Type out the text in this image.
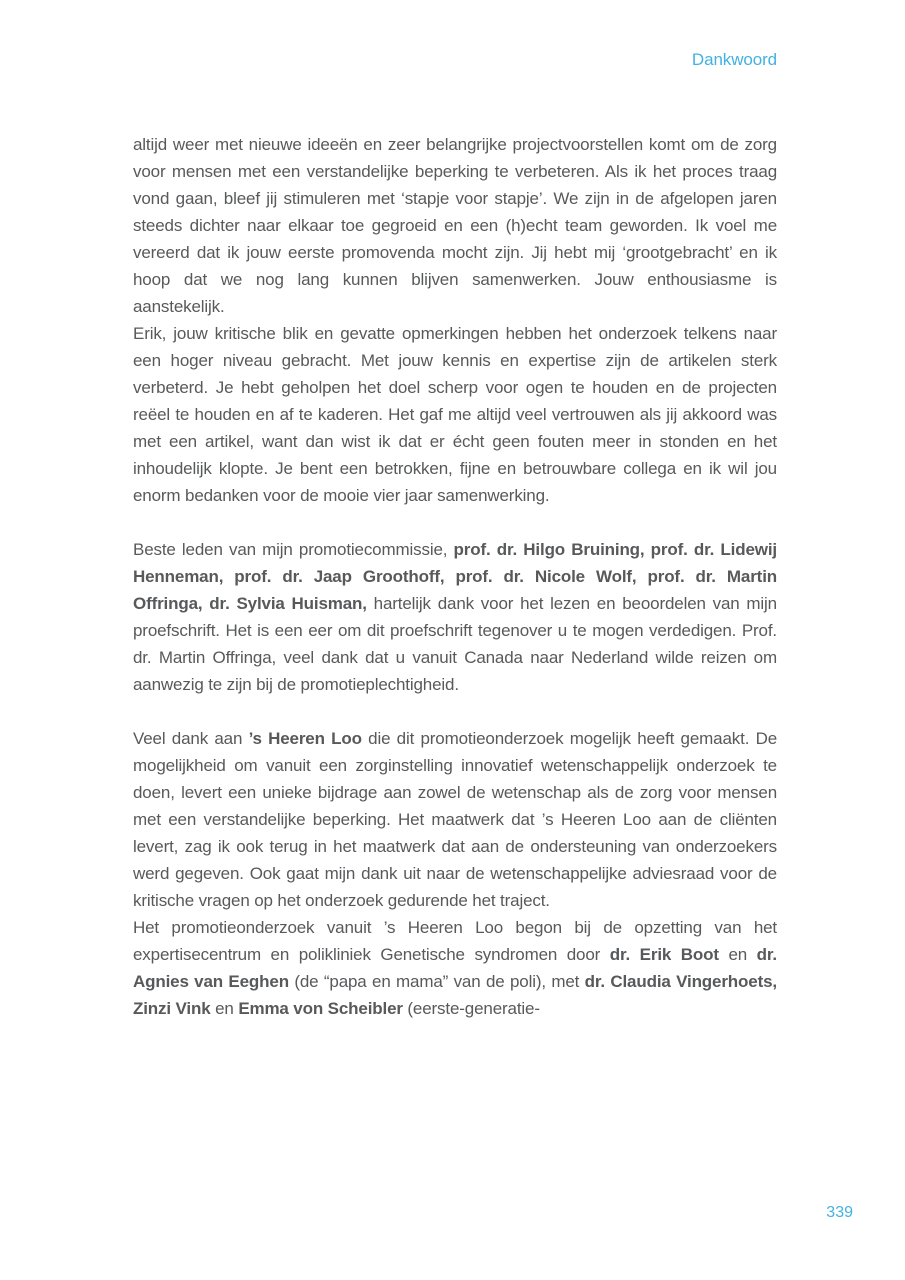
Dankwoord

altijd weer met nieuwe ideeën en zeer belangrijke projectvoorstellen komt om de zorg voor mensen met een verstandelijke beperking te verbeteren. Als ik het proces traag vond gaan, bleef jij stimuleren met ‘stapje voor stapje’. We zijn in de afgelopen jaren steeds dichter naar elkaar toe gegroeid en een (h)echt team geworden. Ik voel me vereerd dat ik jouw eerste promovenda mocht zijn. Jij hebt mij ‘grootgebracht’ en ik hoop dat we nog lang kunnen blijven samenwerken. Jouw enthousiasme is aanstekelijk.

Erik, jouw kritische blik en gevatte opmerkingen hebben het onderzoek telkens naar een hoger niveau gebracht. Met jouw kennis en expertise zijn de artikelen sterk verbeterd. Je hebt geholpen het doel scherp voor ogen te houden en de projecten reëel te houden en af te kaderen. Het gaf me altijd veel vertrouwen als jij akkoord was met een artikel, want dan wist ik dat er écht geen fouten meer in stonden en het inhoudelijk klopte. Je bent een betrokken, fijne en betrouwbare collega en ik wil jou enorm bedanken voor de mooie vier jaar samenwerking.

Beste leden van mijn promotiecommissie, prof. dr. Hilgo Bruining, prof. dr. Lidewij Henneman, prof. dr. Jaap Groothoff, prof. dr. Nicole Wolf, prof. dr. Martin Offringa, dr. Sylvia Huisman, hartelijk dank voor het lezen en beoordelen van mijn proefschrift. Het is een eer om dit proefschrift tegenover u te mogen verdedigen. Prof. dr. Martin Offringa, veel dank dat u vanuit Canada naar Nederland wilde reizen om aanwezig te zijn bij de promotieplechtigheid.

Veel dank aan ’s Heeren Loo die dit promotieonderzoek mogelijk heeft gemaakt. De mogelijkheid om vanuit een zorginstelling innovatief wetenschappelijk onderzoek te doen, levert een unieke bijdrage aan zowel de wetenschap als de zorg voor mensen met een verstandelijke beperking. Het maatwerk dat ’s Heeren Loo aan de cliënten levert, zag ik ook terug in het maatwerk dat aan de ondersteuning van onderzoekers werd gegeven. Ook gaat mijn dank uit naar de wetenschappelijke adviesraad voor de kritische vragen op het onderzoek gedurende het traject.

Het promotieonderzoek vanuit ’s Heeren Loo begon bij de opzetting van het expertisecentrum en polikliniek Genetische syndromen door dr. Erik Boot en dr. Agnies van Eeghen (de “papa en mama” van de poli), met dr. Claudia Vingerhoets, Zinzi Vink en Emma von Scheibler (eerste-generatie-

339
